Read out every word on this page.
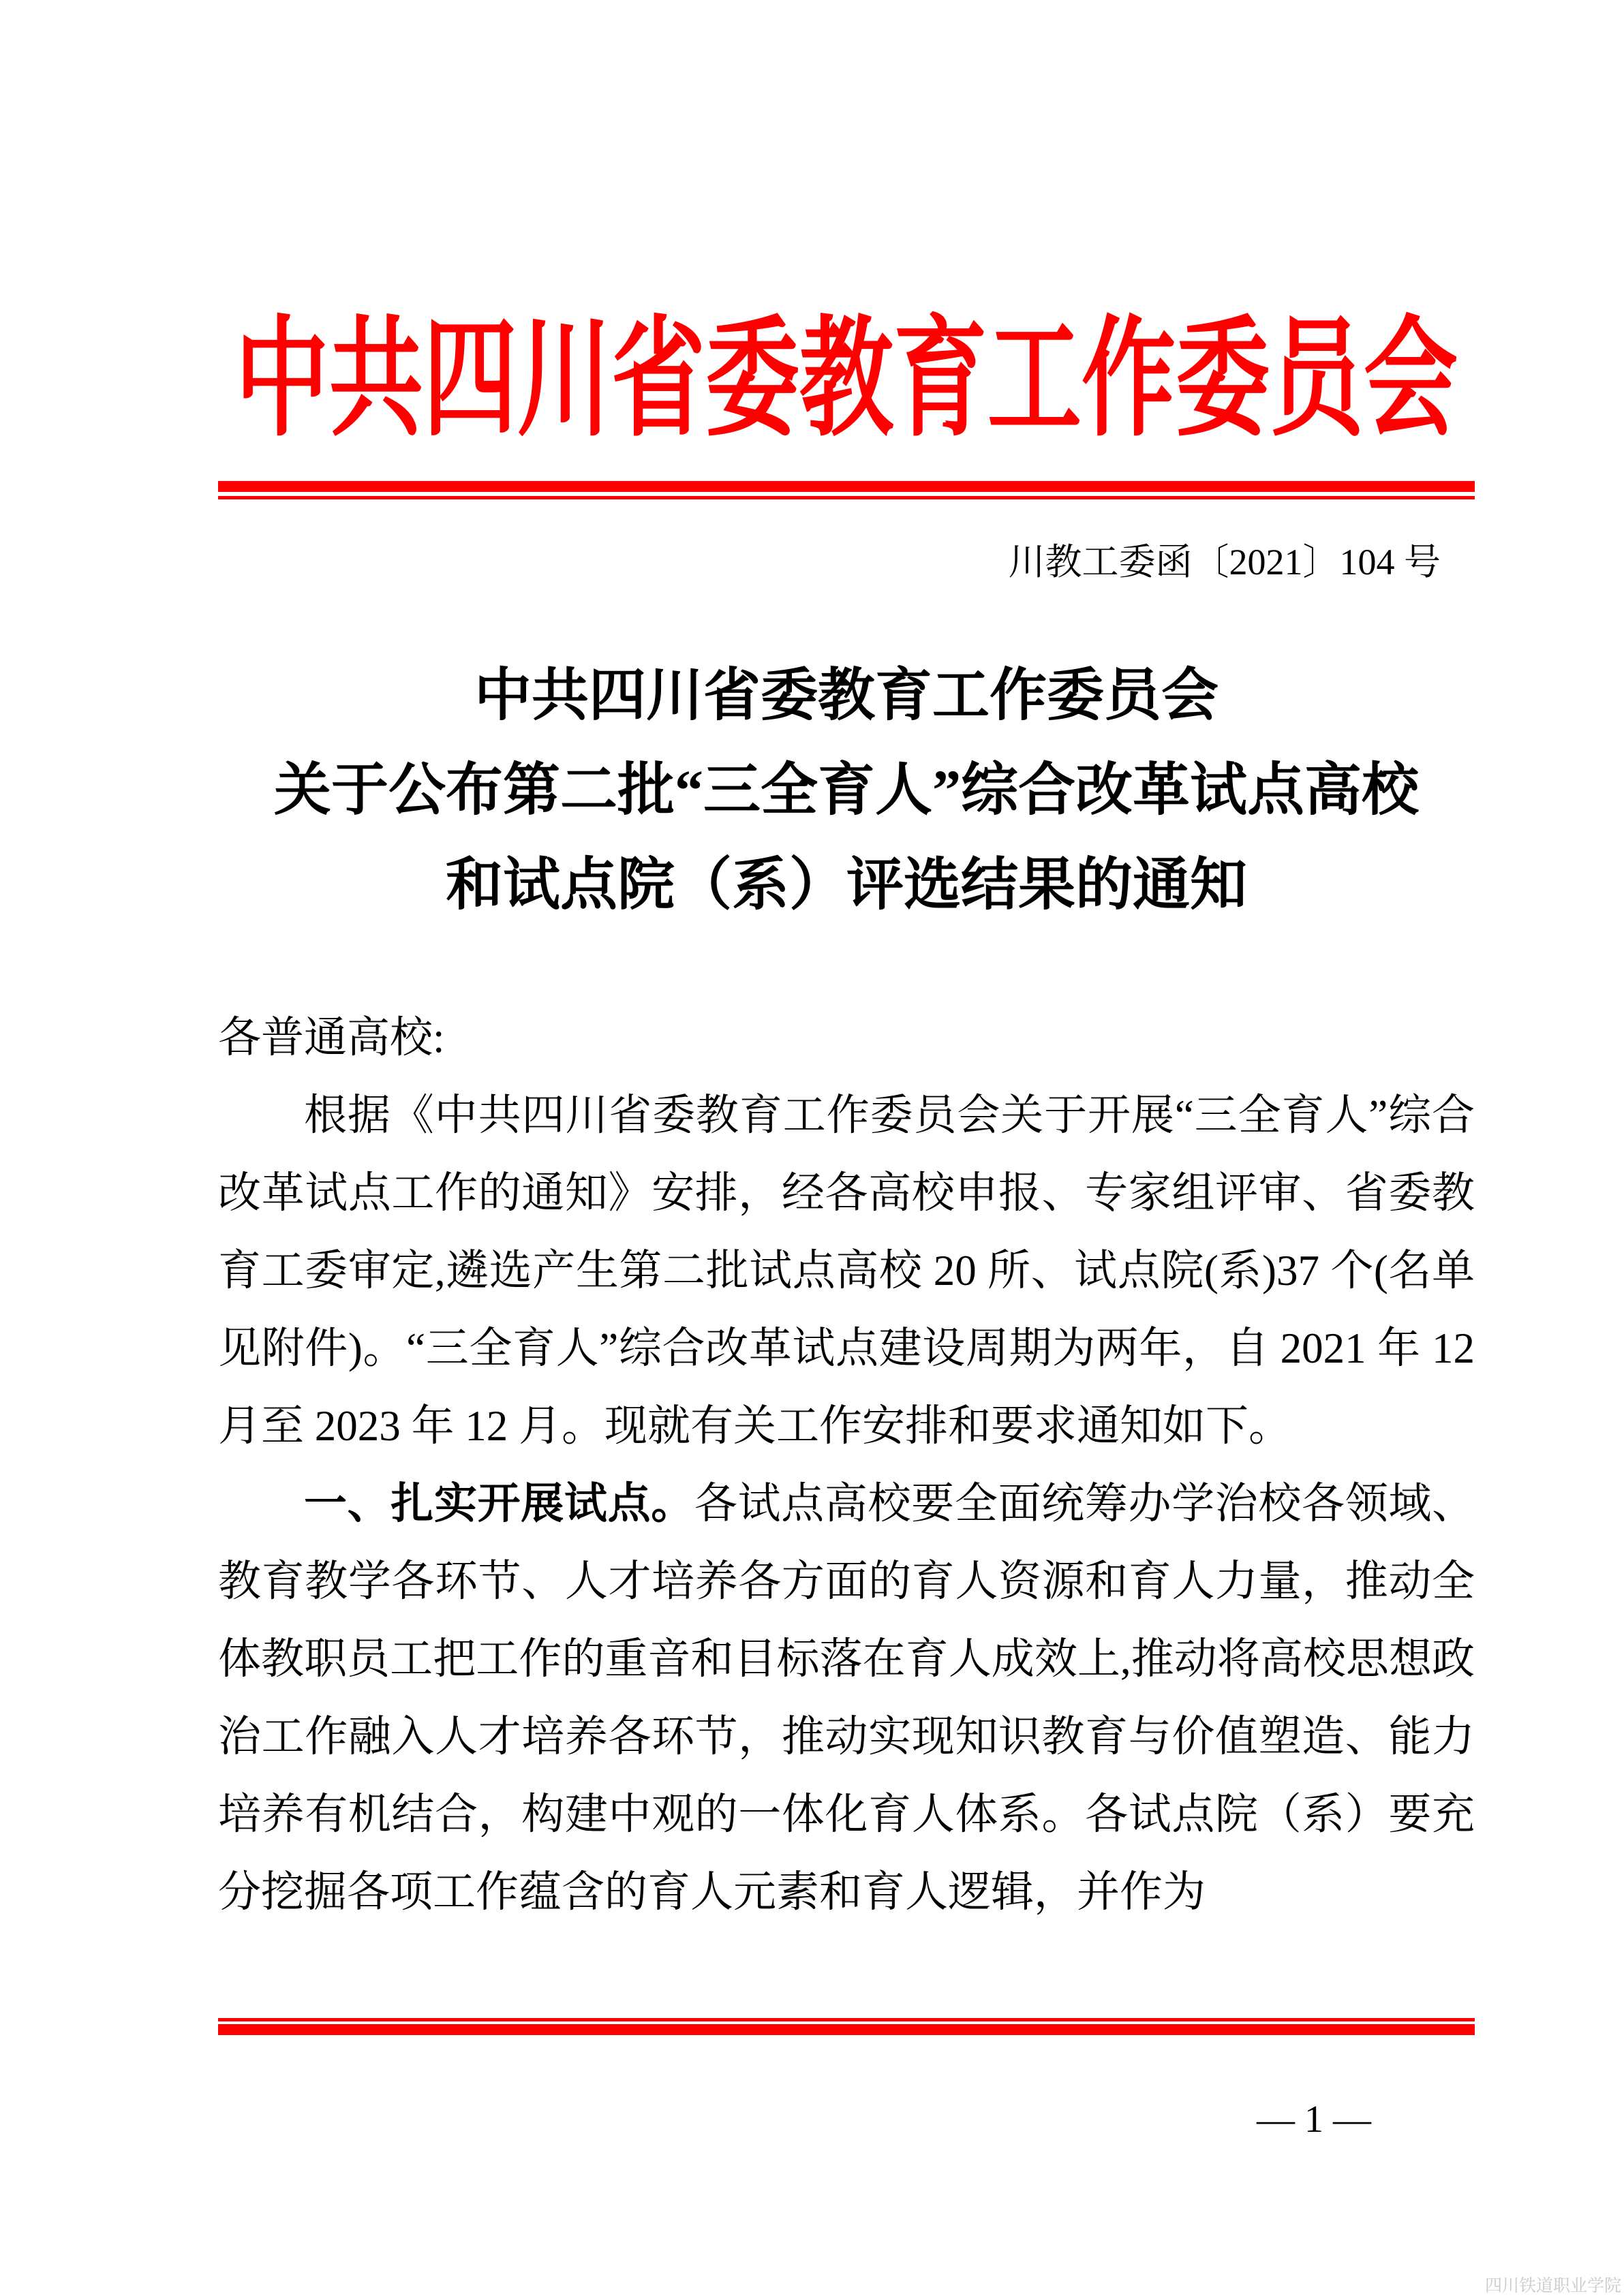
中共四川省委教育工作委员会
川教工委函〔2021〕104 号
中共四川省委教育工作委员会
关于公布第二批“三全育人”综合改革试点高校
和试点院（系）评选结果的通知
各普通高校:

根据《中共四川省委教育工作委员会关于开展“三全育人”综合改革试点工作的通知》安排，经各高校申报、专家组评审、省委教育工委审定,遴选产生第二批试点高校 20 所、试点院(系)37 个(名单见附件)。“三全育人”综合改革试点建设周期为两年，自 2021 年 12 月至 2023 年 12 月。现就有关工作安排和要求通知如下。

一、扎实开展试点。各试点高校要全面统筹办学治校各领域、教育教学各环节、人才培养各方面的育人资源和育人力量，推动全体教职员工把工作的重音和目标落在育人成效上,推动将高校思想政治工作融入人才培养各环节，推动实现知识教育与价值塑造、能力培养有机结合，构建中观的一体化育人体系。各试点院（系）要充分挖掘各项工作蕴含的育人元素和育人逻辑，并作为

— 1 —
四川铁道职业学院
